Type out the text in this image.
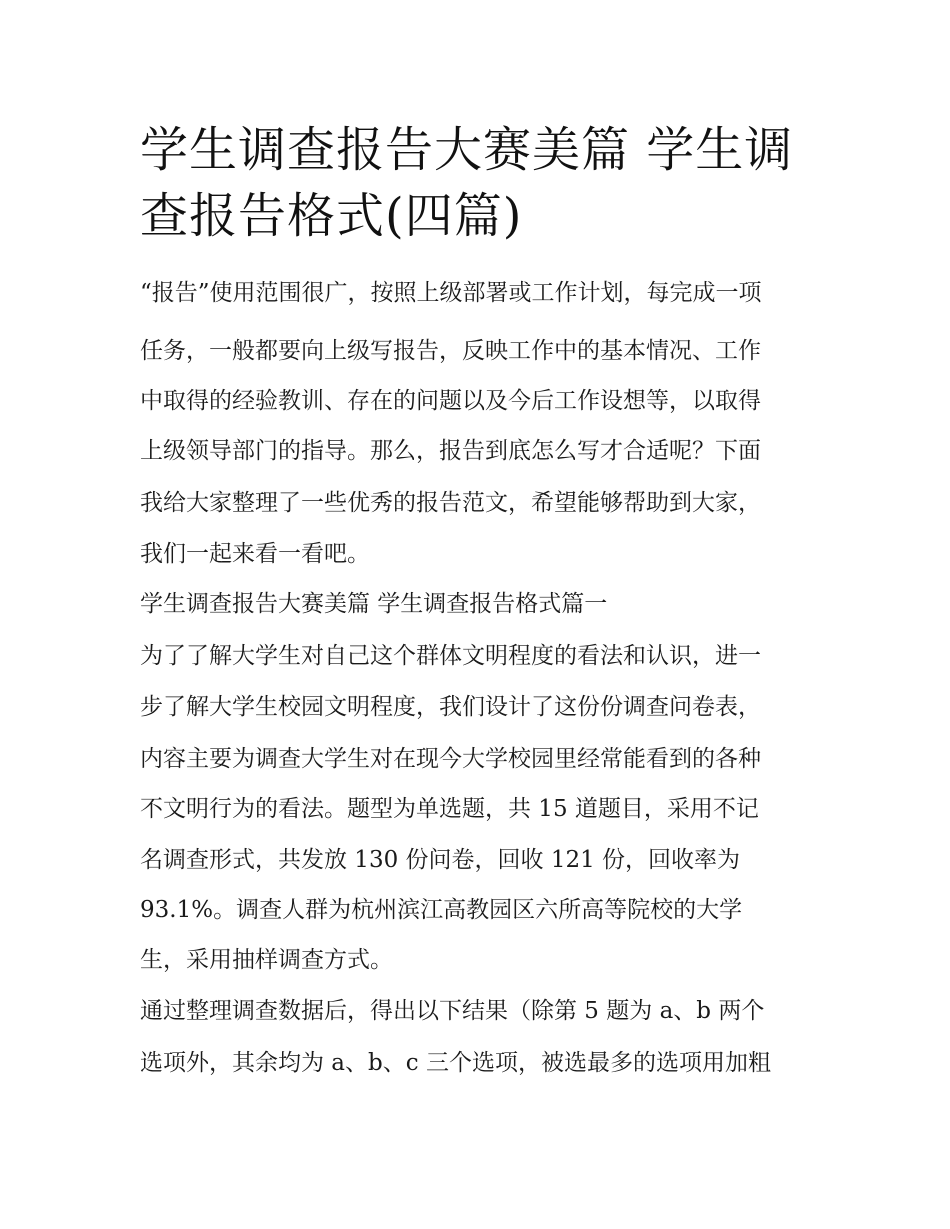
学生调查报告大赛美篇 学生调
查报告格式(四篇)
“报告”使用范围很广，按照上级部署或工作计划，每完成一项
任务，一般都要向上级写报告，反映工作中的基本情况、工作
中取得的经验教训、存在的问题以及今后工作设想等，以取得
上级领导部门的指导。那么，报告到底怎么写才合适呢？下面
我给大家整理了一些优秀的报告范文，希望能够帮助到大家，
我们一起来看一看吧。
学生调查报告大赛美篇 学生调查报告格式篇一
为了了解大学生对自己这个群体文明程度的看法和认识，进一
步了解大学生校园文明程度，我们设计了这份份调查问卷表，
内容主要为调查大学生对在现今大学校园里经常能看到的各种
不文明行为的看法。题型为单选题，共 15 道题目，采用不记
名调查形式，共发放 130 份问卷，回收 121 份，回收率为
93.1%。调查人群为杭州滨江高教园区六所高等院校的大学
生，采用抽样调查方式。
通过整理调查数据后，得出以下结果（除第 5 题为 a、b 两个
选项外，其余均为 a、b、c 三个选项，被选最多的选项用加粗
